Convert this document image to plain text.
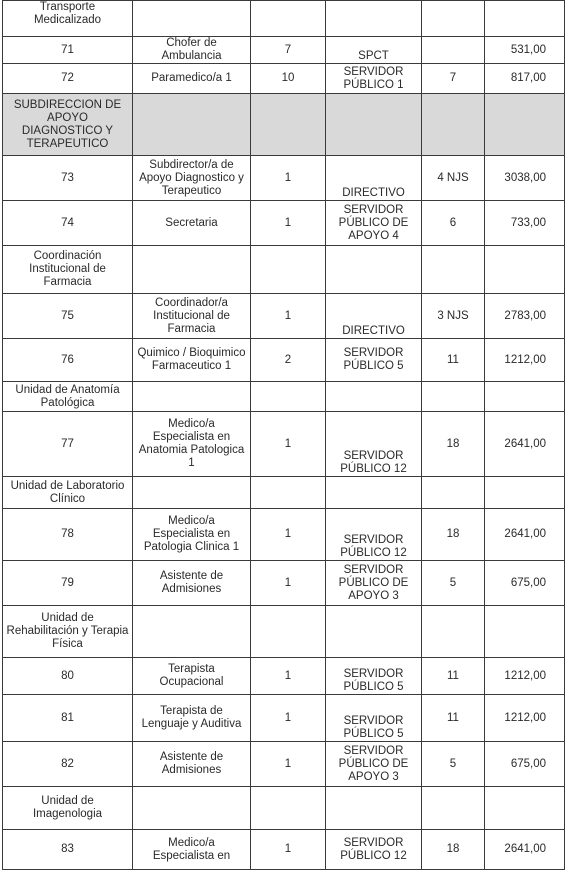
Transporte Medicalizado					
71	Chofer de Ambulancia	7	SPCT		531,00
72	Paramedico/a 1	10	SERVIDOR PÚBLICO 1	7	817,00
SUBDIRECCION DE APOYO DIAGNOSTICO Y TERAPEUTICO					
73	Subdirector/a de Apoyo Diagnostico y Terapeutico	1	DIRECTIVO	4 NJS	3038,00
74	Secretaria	1	SERVIDOR PÚBLICO DE APOYO 4	6	733,00
Coordinación Institucional de Farmacia					
75	Coordinador/a Institucional de Farmacia	1	DIRECTIVO	3 NJS	2783,00
76	Quimico / Bioquimico Farmaceutico 1	2	SERVIDOR PÚBLICO 5	11	1212,00
Unidad de Anatomía Patológica					
77	Medico/a Especialista en Anatomia Patologica 1	1	SERVIDOR PÚBLICO 12	18	2641,00
Unidad de Laboratorio Clínico					
78	Medico/a Especialista en Patologia Clinica 1	1	SERVIDOR PÚBLICO 12	18	2641,00
79	Asistente de Admisiones	1	SERVIDOR PÚBLICO DE APOYO 3	5	675,00
Unidad de Rehabilitación y Terapia Física					
80	Terapista Ocupacional	1	SERVIDOR PÚBLICO 5	11	1212,00
81	Terapista de Lenguaje y Auditiva	1	SERVIDOR PÚBLICO 5	11	1212,00
82	Asistente de Admisiones	1	SERVIDOR PÚBLICO DE APOYO 3	5	675,00
Unidad de Imagenologia					
83	Medico/a Especialista en	1	SERVIDOR PÚBLICO 12	18	2641,00
